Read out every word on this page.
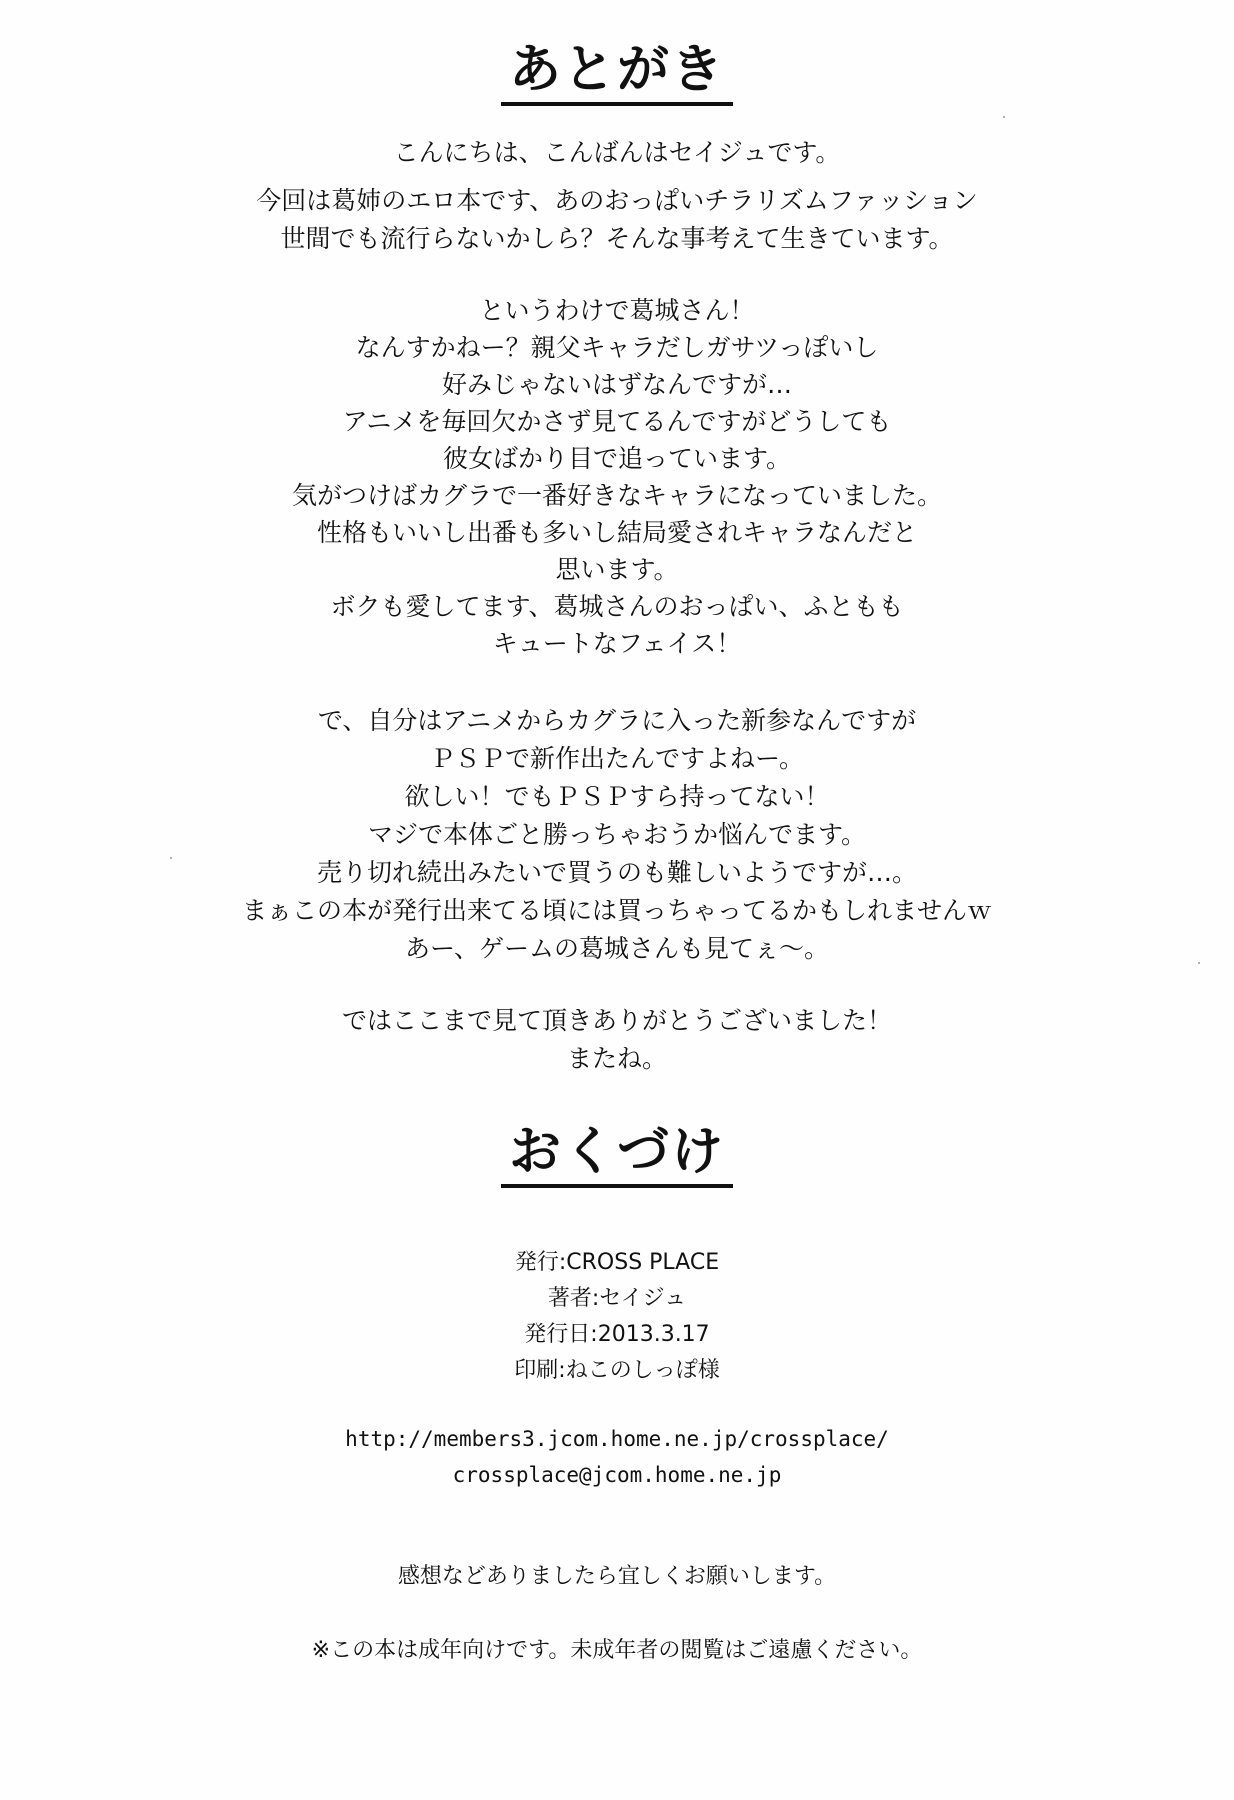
あとがき
こんにちは、こんばんはセイジュです。
今回は葛姉のエロ本です、あのおっぱいチラリズムファッション
世間でも流行らないかしら？そんな事考えて生きています。
というわけで葛城さん！
なんすかねー？親父キャラだしガサツっぽいし
好みじゃないはずなんですが…
アニメを毎回欠かさず見てるんですがどうしても
彼女ばかり目で追っています。
気がつけばカグラで一番好きなキャラになっていました。
性格もいいし出番も多いし結局愛されキャラなんだと
思います。
ボクも愛してます、葛城さんのおっぱい、ふともも
キュートなフェイス！
で、自分はアニメからカグラに入った新参なんですが
ＰＳＰで新作出たんですよねー。
欲しい！でもＰＳＰすら持ってない！
マジで本体ごと勝っちゃおうか悩んでます。
売り切れ続出みたいで買うのも難しいようですが…。
まぁこの本が発行出来てる頃には買っちゃってるかもしれませんｗ
あー、ゲームの葛城さんも見てぇ～。
ではここまで見て頂きありがとうございました！
またね。
おくづけ
発行:CROSS PLACE
著者:セイジュ
発行日:2013.3.17
印刷:ねこのしっぽ様
http://members3.jcom.home.ne.jp/crossplace/
crossplace@jcom.home.ne.jp
感想などありましたら宜しくお願いします。
※この本は成年向けです。未成年者の閲覧はご遠慮ください。
